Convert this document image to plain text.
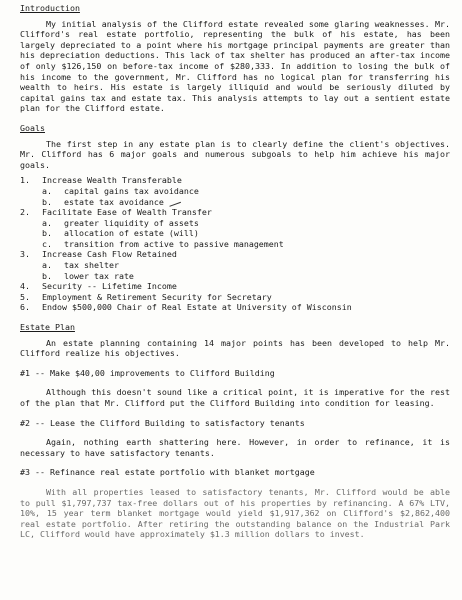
Introduction

My initial analysis of the Clifford estate revealed some glaring weaknesses. Mr. Clifford's real estate portfolio, representing the bulk of his estate, has been largely depreciated to a point where his mortgage principal payments are greater than his depreciation deductions. This lack of tax shelter has produced an after-tax income of only $126,150 on before-tax income of $280,333. In addition to losing the bulk of his income to the government, Mr. Clifford has no logical plan for transferring his wealth to heirs. His estate is largely illiquid and would be seriously diluted by capital gains tax and estate tax. This analysis attempts to lay out a sentient estate plan for the Clifford estate.

Goals

The first step in any estate plan is to clearly define the client's objectives. Mr. Clifford has 6 major goals and numerous subgoals to help him achieve his major goals.

1.	Increase Wealth Transferable
a.	capital gains tax avoidance
b.	estate tax avoidance
2.	Facilitate Ease of Wealth Transfer
a.	greater liquidity of assets
b.	allocation of estate (will)
c.	transition from active to passive management
3.	Increase Cash Flow Retained
a.	tax shelter
b.	lower tax rate
4.	Security -- Lifetime Income
5.	Employment & Retirement Security for Secretary
6.	Endow $500,000 Chair of Real Estate at University of Wisconsin

Estate Plan

An estate planning containing 14 major points has been developed to help Mr. Clifford realize his objectives.

#1 -- Make $40,00 improvements to Clifford Building

Although this doesn't sound like a critical point, it is imperative for the rest of the plan that Mr. Clifford put the Clifford Building into condition for leasing.

#2 -- Lease the Clifford Building to satisfactory tenants

Again, nothing earth shattering here. However, in order to refinance, it is necessary to have satisfactory tenants.

#3 -- Refinance real estate portfolio with blanket mortgage

With all properties leased to satisfactory tenants, Mr. Clifford would be able to pull $1,797,737 tax-free dollars out of his properties by refinancing. A 67% LTV, 10%, 15 year term blanket mortgage would yield $1,917,362 on Clifford's $2,862,400 real estate portfolio. After retiring the outstanding balance on the Industrial Park LC, Clifford would have approximately $1.3 million dollars to invest.
